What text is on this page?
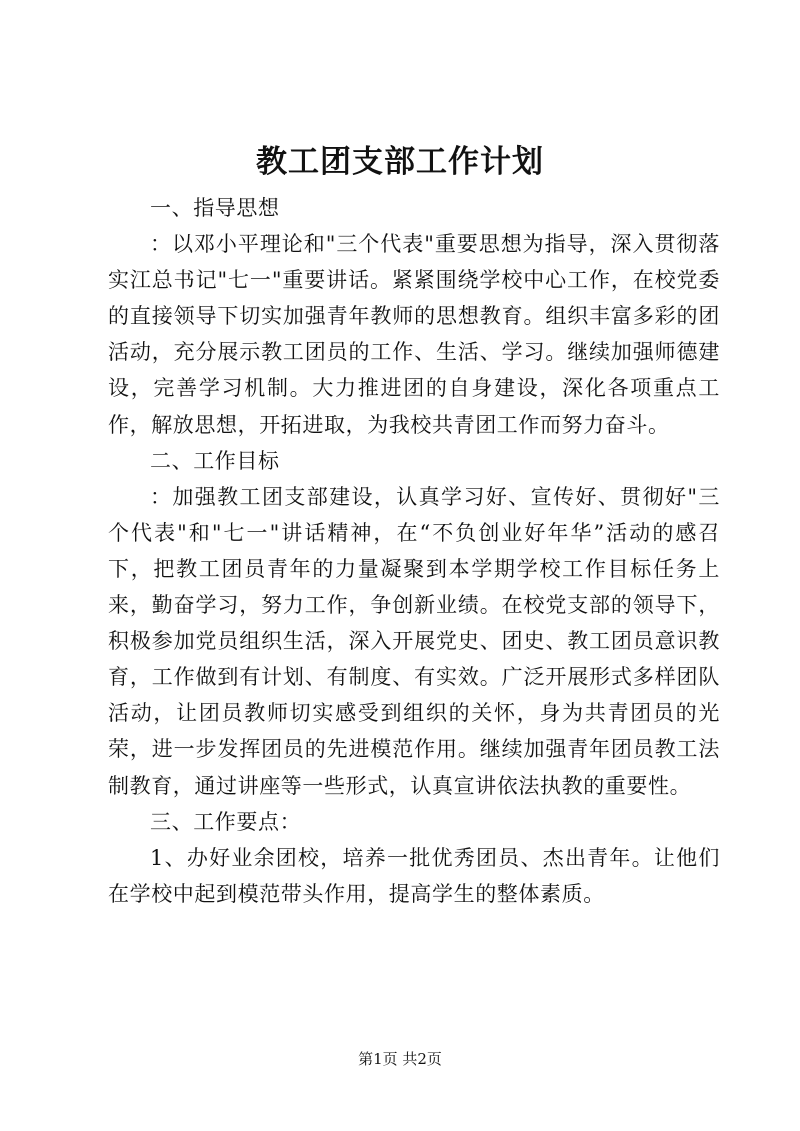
教工团支部工作计划

一、指导思想

：以邓小平理论和"三个代表"重要思想为指导，深入贯彻落实江总书记"七一"重要讲话。紧紧围绕学校中心工作，在校党委的直接领导下切实加强青年教师的思想教育。组织丰富多彩的团活动，充分展示教工团员的工作、生活、学习。继续加强师德建设，完善学习机制。大力推进团的自身建设，深化各项重点工作，解放思想，开拓进取，为我校共青团工作而努力奋斗。

二、工作目标

：加强教工团支部建设，认真学习好、宣传好、贯彻好"三个代表"和"七一"讲话精神，在“不负创业好年华”活动的感召下，把教工团员青年的力量凝聚到本学期学校工作目标任务上来，勤奋学习，努力工作，争创新业绩。在校党支部的领导下，积极参加党员组织生活，深入开展党史、团史、教工团员意识教育，工作做到有计划、有制度、有实效。广泛开展形式多样团队活动，让团员教师切实感受到组织的关怀，身为共青团员的光荣，进一步发挥团员的先进模范作用。继续加强青年团员教工法制教育，通过讲座等一些形式，认真宣讲依法执教的重要性。

三、工作要点：

1、办好业余团校，培养一批优秀团员、杰出青年。让他们在学校中起到模范带头作用，提高学生的整体素质。

第1页 共2页
